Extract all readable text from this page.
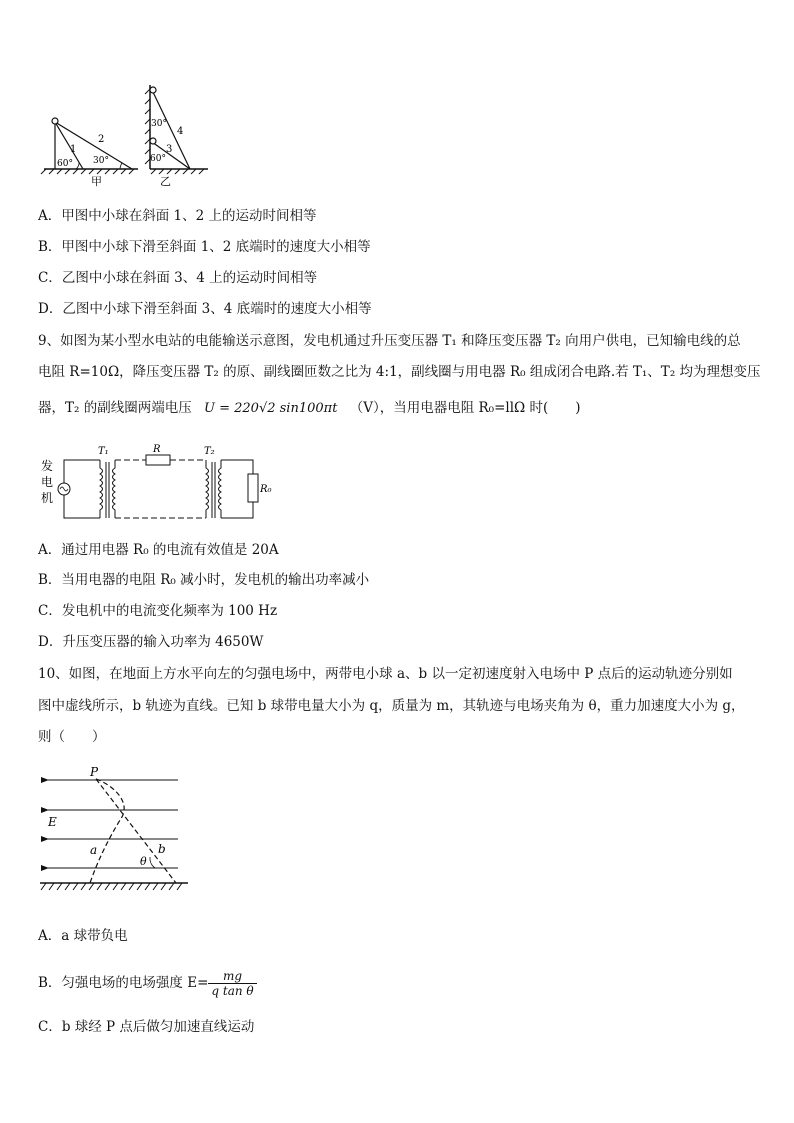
1
2
60° 30°
甲
30°
4
3
60°
乙
A．甲图中小球在斜面 1、2 上的运动时间相等
B．甲图中小球下滑至斜面 1、2 底端时的速度大小相等
C．乙图中小球在斜面 3、4 上的运动时间相等
D．乙图中小球下滑至斜面 3、4 底端时的速度大小相等
9、如图为某小型水电站的电能输送示意图，发电机通过升压变压器 T₁ 和降压变压器 T₂ 向用户供电，已知输电线的总
电阻 R=10Ω，降压变压器 T₂ 的原、副线圈匝数之比为 4:1，副线圈与用电器 R₀ 组成闭合电路.若 T₁、T₂ 均为理想变压
器，T₂ 的副线圈两端电压 U = 220√2 sin100πt （V），当用电器电阻 R₀=llΩ 时(　　)
发
电
机
T₁	R	T₂
R₀
A．通过用电器 R₀ 的电流有效值是 20A
B．当用电器的电阻 R₀ 减小时，发电机的输出功率减小
C．发电机中的电流变化频率为 100 Hz
D．升压变压器的输入功率为 4650W
10、如图，在地面上方水平向左的匀强电场中，两带电小球 a、b 以一定初速度射入电场中 P 点后的运动轨迹分别如
图中虚线所示，b 轨迹为直线。已知 b 球带电量大小为 q，质量为 m，其轨迹与电场夹角为 θ，重力加速度大小为 g，
则（　　）
P
E
a	b
θ
A．a 球带负电
B．匀强电场的电场强度 $E= \frac{mg}{\text{q tan θ}}$
C．b 球经 P 点后做匀加速直线运动
